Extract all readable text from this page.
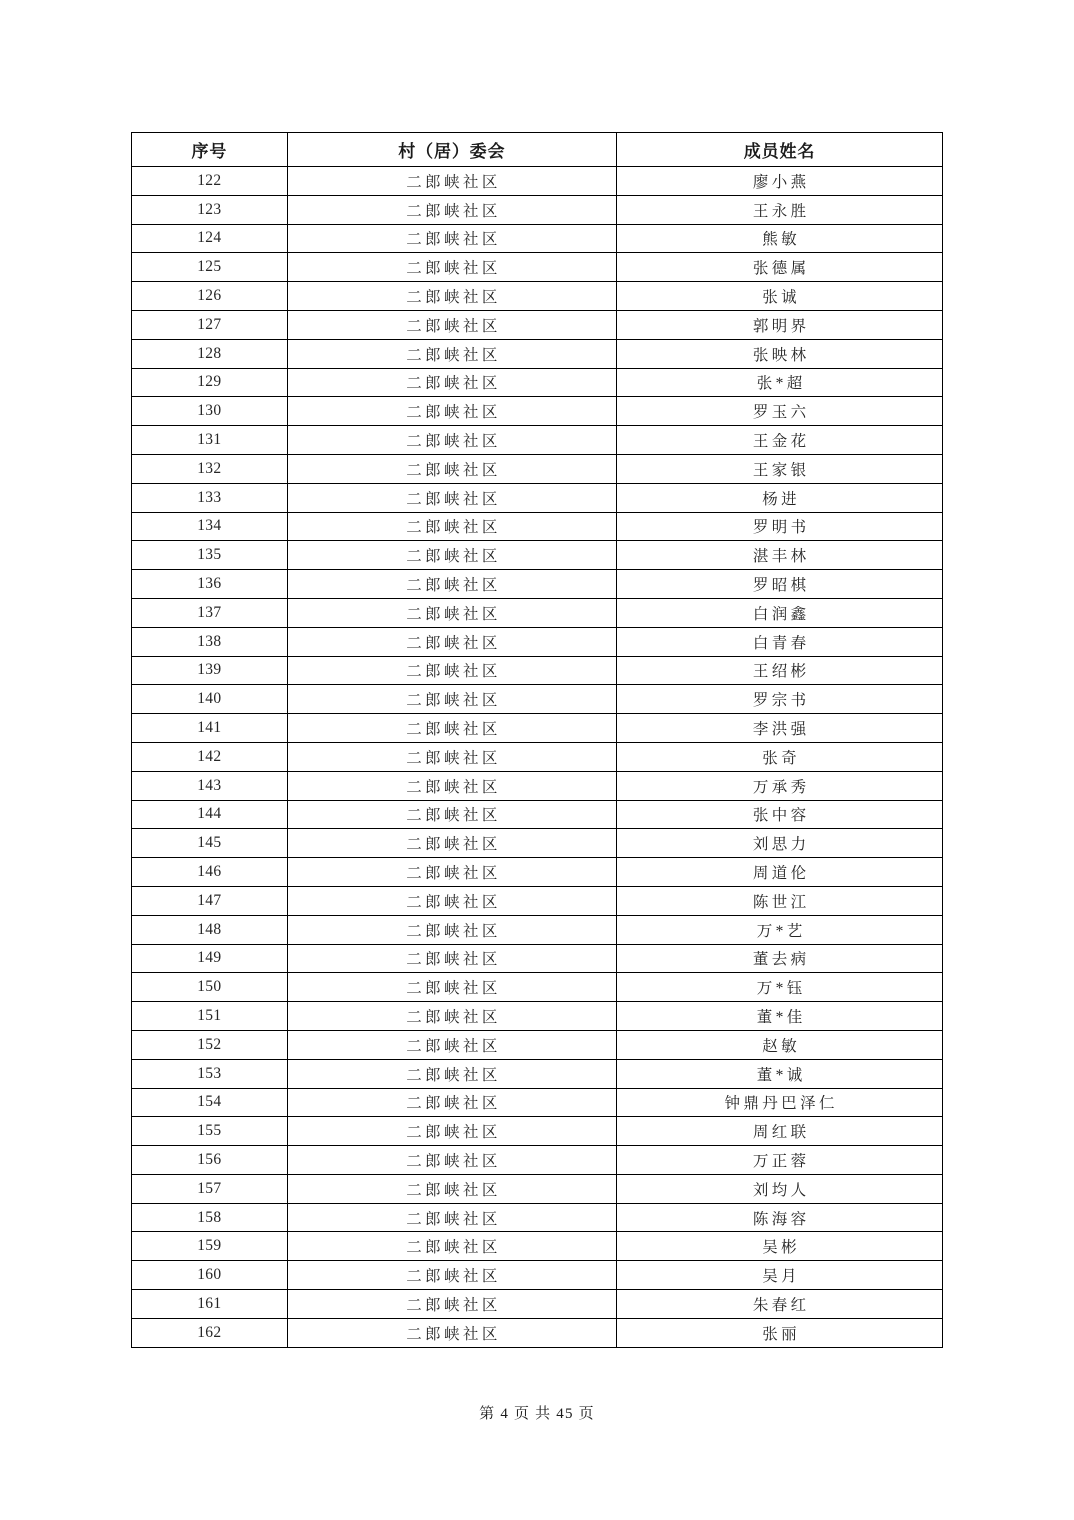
序号	村（居）委会	成员姓名
122	二郎峡社区	廖小燕
123	二郎峡社区	王永胜
124	二郎峡社区	熊敏
125	二郎峡社区	张德属
126	二郎峡社区	张诚
127	二郎峡社区	郭明界
128	二郎峡社区	张映林
129	二郎峡社区	张*超
130	二郎峡社区	罗玉六
131	二郎峡社区	王金花
132	二郎峡社区	王家银
133	二郎峡社区	杨进
134	二郎峡社区	罗明书
135	二郎峡社区	湛丰林
136	二郎峡社区	罗昭棋
137	二郎峡社区	白润鑫
138	二郎峡社区	白青春
139	二郎峡社区	王绍彬
140	二郎峡社区	罗宗书
141	二郎峡社区	李洪强
142	二郎峡社区	张奇
143	二郎峡社区	万承秀
144	二郎峡社区	张中容
145	二郎峡社区	刘思力
146	二郎峡社区	周道伦
147	二郎峡社区	陈世江
148	二郎峡社区	万*艺
149	二郎峡社区	董去病
150	二郎峡社区	万*钰
151	二郎峡社区	董*佳
152	二郎峡社区	赵敏
153	二郎峡社区	董*诚
154	二郎峡社区	钟鼎丹巴泽仁
155	二郎峡社区	周红联
156	二郎峡社区	万正蓉
157	二郎峡社区	刘均人
158	二郎峡社区	陈海容
159	二郎峡社区	吴彬
160	二郎峡社区	吴月
161	二郎峡社区	朱春红
162	二郎峡社区	张丽
第 4 页 共 45 页
